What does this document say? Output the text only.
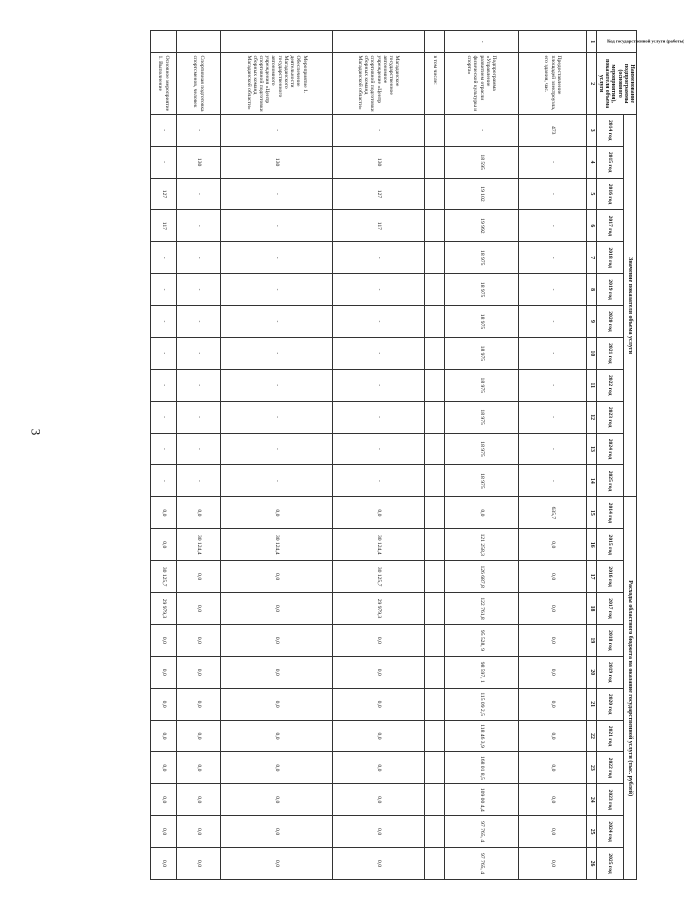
3
Код государственной услуги (работы)	Наименование подпрограммы (основного мероприятия), показателя объема услуги	Значение показателя объема услуги												Расходы областного бюджета на оказание государственной услуги (тыс. рублей)											
		2014 год	2015 год	2016 год	2017 год	2018 год	2019 год	2020 год	2021 год	2022 год	2023 год	2024 год	2025 год	2014 год	2015 год	2016 год	2017 год	2018 год	2019 год	2020 год	2021 год	2022 год	2023 год	2024 год	2025 год
1	2	3	4	5	6	7	8	9	10	11	12	13	14	15	16	17	18	19	20	21	22	23	24	25	26
	Предоставление площадей злектроузла, его здания, час.	473	-	-	-	-	-	-	-	-	-	-	-	635,7	0,0	0,0	0,0	0,0	0,0	0,0	0,0	0,0	0,0	0,0	0,0
-	Подпрограмма «Управление развитием отрасли физической культуры и спорта»	-	18 595	19 102	19 992	18 975	18 975	18 975	18 975	18 975	18 975	18 975	18 975	0,0	121 258,3	126 687,8	122 761,8	95 528, 9	98 597, 1	115 09 2,5	118 46 3,9	168 01 8,5	109 00 4,4	97 765, 4	97 765, 4
	в том числе:																								
	Магаданское государственное автономное учреждение «Центр спортивной подготовки сборных команд Магаданской области»	-	130	127	117	-	-	-	-	-	-	-	-	0,0	30 124,4	30 125,7	29 979,3	0,0	0,0	0,0	0,0	0,0	0,0	0,0	0,0
	Мероприятие 1. Обеспечение деятельности Магаданского государственного автономного учреждения «Центр спортивной подготовки сборных команд Магаданской области»	-	130	-	-	-	-	-	-	-	-	-	-	0,0	30 124,4	0,0	0,0	0,0	0,0	0,0	0,0	0,0	0,0	0,0	0,0
	Спортивная подготовка спортсменов, человек	-	130	-	-	-	-	-	-	-	-	-	-	0,0	30 124,4	0,0	0,0	0,0	0,0	0,0	0,0	0,0	0,0	0,0	0,0
	Основное мероприятие 1. Выполнение	-	-	127	117	-	-	-	-	-	-	-	-	0,0	0,0	30 125,7	29 979,3	0,0	0,0	0,0	0,0	0,0	0,0	0,0	0,0
